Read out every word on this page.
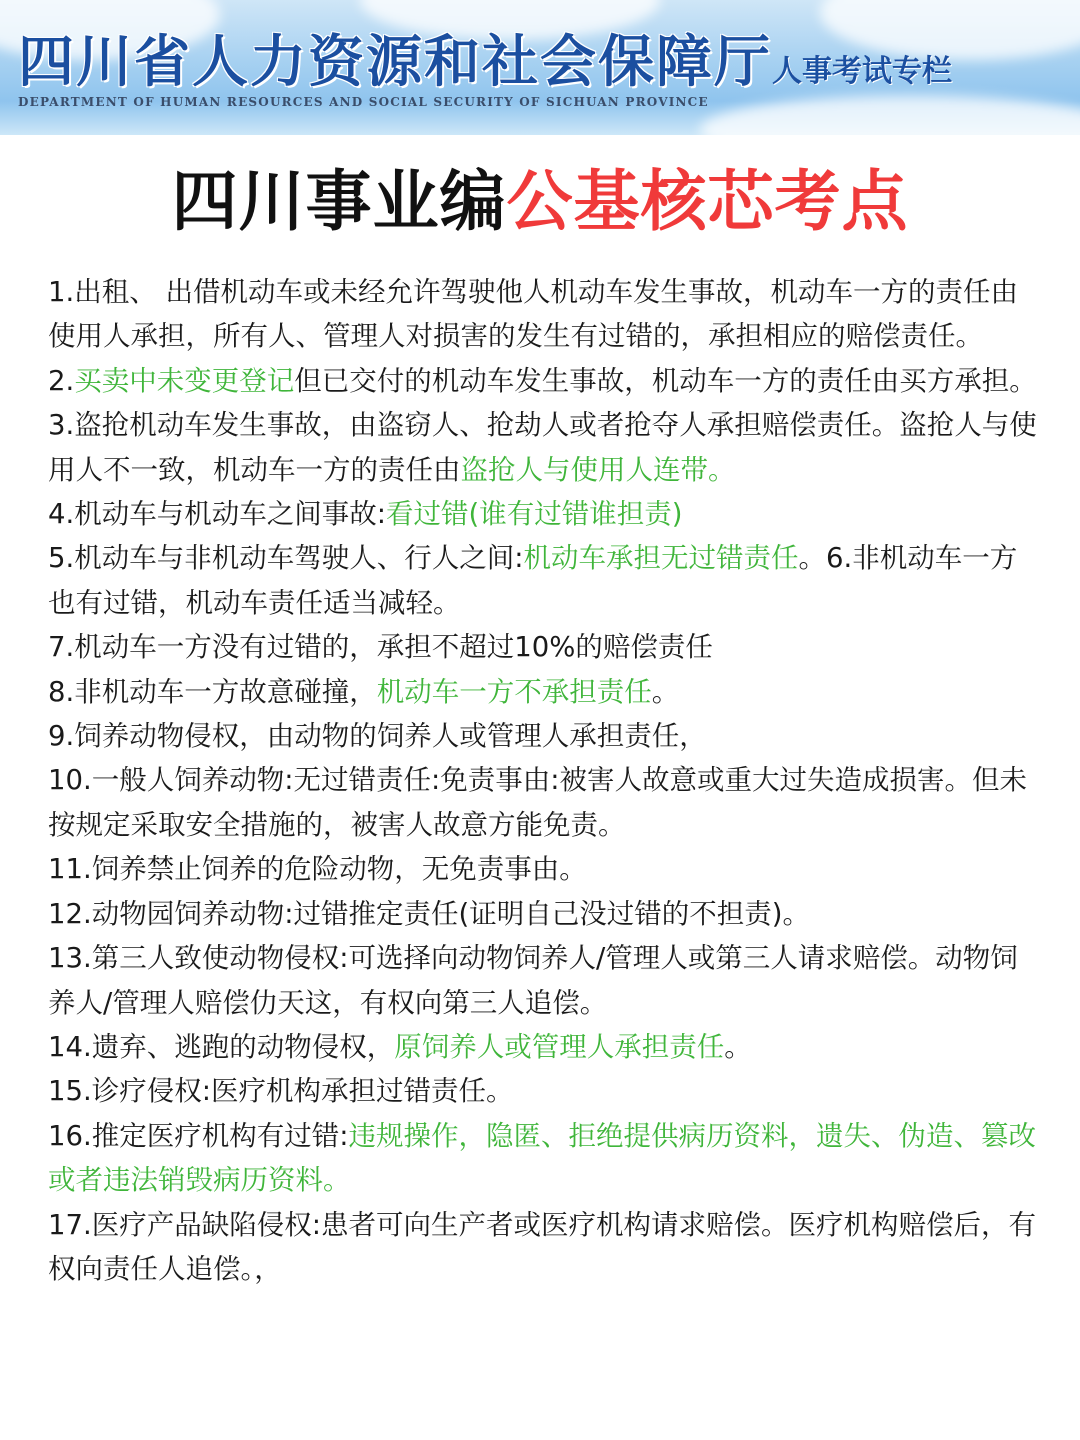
四川省人力资源和社会保障厅
DEPARTMENT OF HUMAN RESOURCES AND SOCIAL SECURITY OF SICHUAN PROVINCE
人事考试专栏
四川事业编公基核芯考点

1.出租、 出借机动车或未经允许驾驶他人机动车发生事故，机动车一方的责任由使用人承担，所有人、管理人对损害的发生有过错的，承担相应的赔偿责任。

2.买卖中未变更登记但已交付的机动车发生事故，机动车一方的责任由买方承担。

3.盗抢机动车发生事故，由盗窃人、抢劫人或者抢夺人承担赔偿责任。盗抢人与使用人不一致，机动车一方的责任由盗抢人与使用人连带。

4.机动车与机动车之间事故:看过错(谁有过错谁担责)

5.机动车与非机动车驾驶人、行人之间:机动车承担无过错责任。6.非机动车一方也有过错，机动车责任适当减轻。

7.机动车一方没有过错的，承担不超过10%的赔偿责任

8.非机动车一方故意碰撞，机动车一方不承担责任。

9.饲养动物侵权，由动物的饲养人或管理人承担责任，

10.一般人饲养动物:无过错责任:免责事由:被害人故意或重大过失造成损害。但未按规定采取安全措施的，被害人故意方能免责。

11.饲养禁止饲养的危险动物，无免责事由。

12.动物园饲养动物:过错推定责任(证明自己没过错的不担责)。

13.第三人致使动物侵权:可选择向动物饲养人/管理人或第三人请求赔偿。动物饲养人/管理人赔偿仂天这，有权向第三人追偿。

14.遗弃、逃跑的动物侵权，原饲养人或管理人承担责任。

15.诊疗侵权:医疗机构承担过错责任。

16.推定医疗机构有过错:违规操作，隐匿、拒绝提供病历资料，遗失、伪造、篡改或者违法销毁病历资料。

17.医疗产品缺陷侵权:患者可向生产者或医疗机构请求赔偿。医疗机构赔偿后，有权向责任人追偿。，
